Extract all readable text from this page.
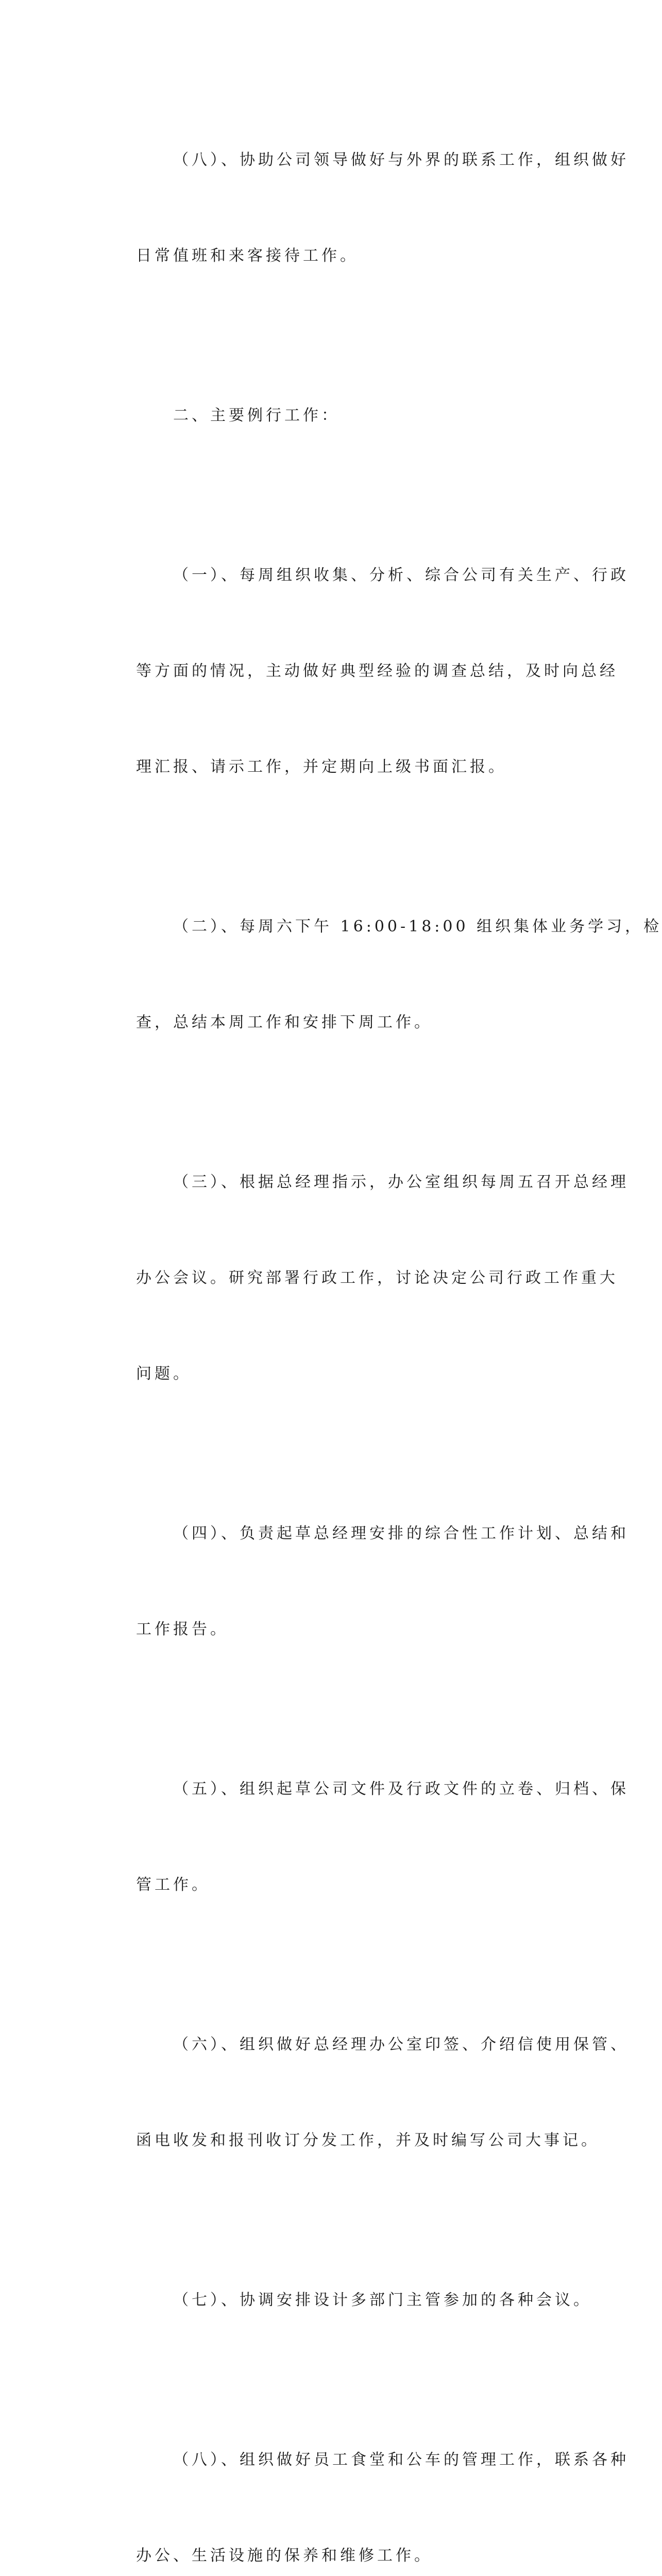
（八）、协助公司领导做好与外界的联系工作，组织做好

日常值班和来客接待工作。

二、主要例行工作：

（一）、每周组织收集、分析、综合公司有关生产、行政

等方面的情况，主动做好典型经验的调查总结，及时向总经

理汇报、请示工作，并定期向上级书面汇报。

（二）、每周六下午 16:00-18:00 组织集体业务学习，检

查，总结本周工作和安排下周工作。

（三）、根据总经理指示，办公室组织每周五召开总经理

办公会议。研究部署行政工作，讨论决定公司行政工作重大

问题。

（四）、负责起草总经理安排的综合性工作计划、总结和

工作报告。

（五）、组织起草公司文件及行政文件的立卷、归档、保

管工作。

（六）、组织做好总经理办公室印签、介绍信使用保管、

函电收发和报刊收订分发工作，并及时编写公司大事记。

（七）、协调安排设计多部门主管参加的各种会议。

（八）、组织做好员工食堂和公车的管理工作，联系各种

办公、生活设施的保养和维修工作。
